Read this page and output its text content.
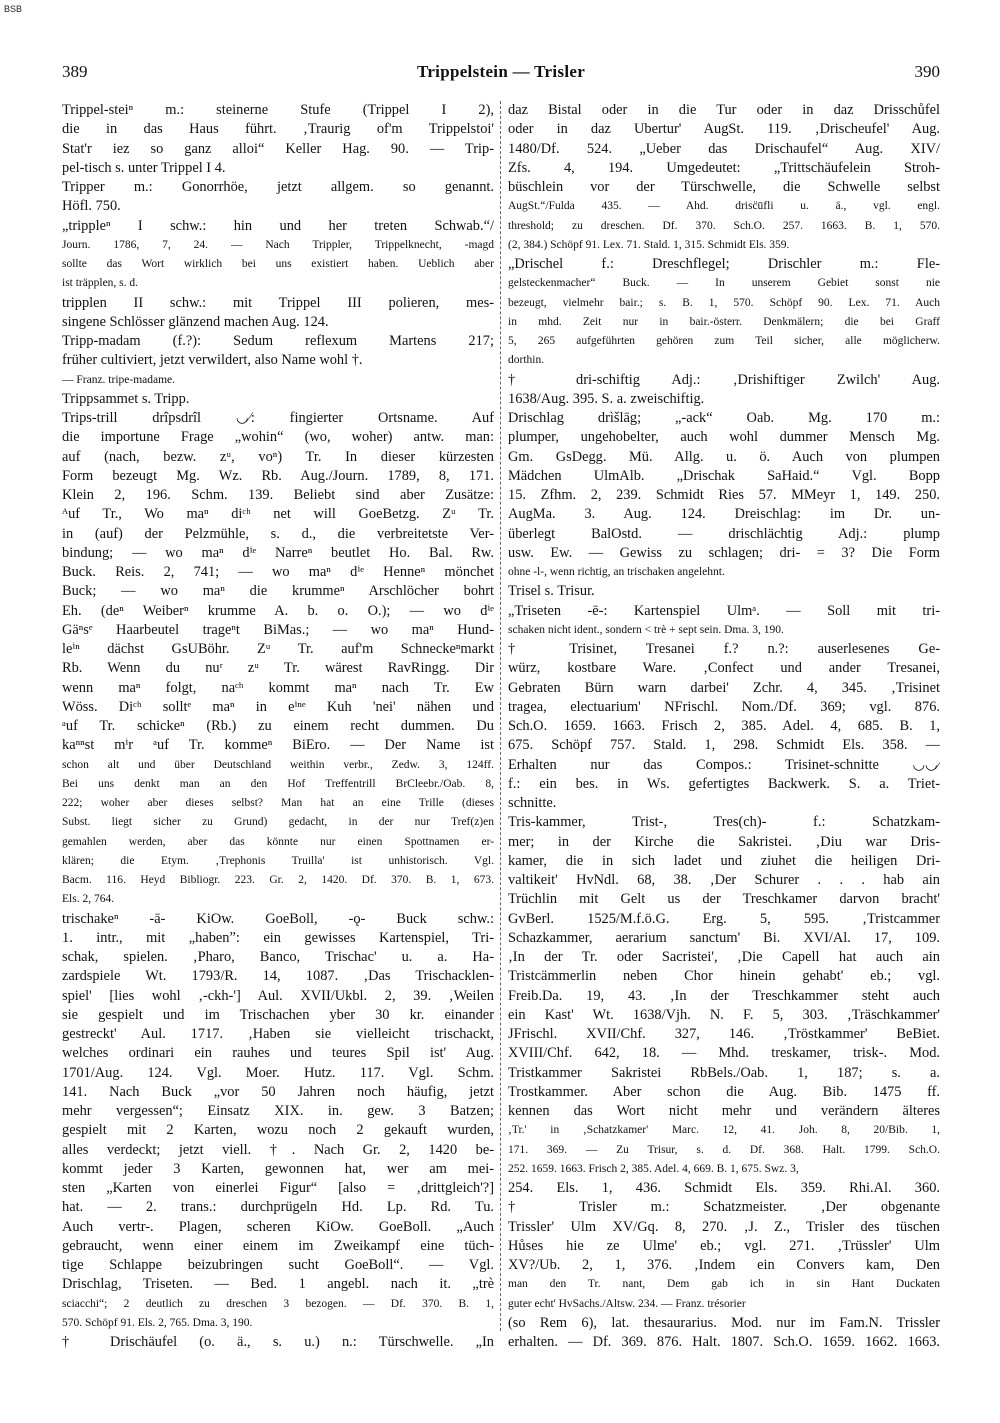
BSB
389	Trippelstein — Trisler	390
Trippel-steiⁿ m.: steinerne Stufe (Trippel I 2),
die in das Haus führt. ‚Traurig of'm Trippelstoi'
Stat'r iez so ganz alloi“ Keller Hag. 90. — Trip-
pel-tisch s. unter Trippel I 4.
Tripper m.: Gonorrhöe, jetzt allgem. so genannt.
Höfl. 750.
„trippleⁿ I schw.: hin und her treten Schwab.“/
Journ. 1786, 7, 24. — Nach Trippler, Trippelknecht, -magd
sollte das Wort wirklich bei uns existiert haben. Ueblich aber
ist träpplen, s. d.
tripplen II schw.: mit Trippel III polieren, mes-
singene Schlösser glänzend machen Aug. 124.
Tripp-madam (f.?): Sedum reflexum Martens 217;
früher cultiviert, jetzt verwildert, also Name wohl †.
— Franz. tripe-madame.
Trippsammet s. Tripp.
Trips-trill drîpsdrîl ◡⁄: fingierter Ortsname. Auf
die importune Frage „wohin“ (wo, woher) antw. man:
auf (nach, bezw. zᵘ, voⁿ) Tr. In dieser kürzesten
Form bezeugt Mg. Wz. Rb. Aug./Journ. 1789, 8, 171.
Klein 2, 196. Schm. 139. Beliebt sind aber Zusätze:
ᴬuf Tr., Wo maⁿ diᶜʰ net will GoeBetzg. Zᵘ Tr.
in (auf) der Pelzmühle, s. d., die verbreitetste Ver-
bindung; — wo maⁿ dⁱᵉ Narreⁿ beutlet Ho. Bal. Rw.
Buck. Reis. 2, 741; — wo maⁿ dⁱᵉ Henneⁿ mönchet
Buck; — wo maⁿ die krummeⁿ Arschlöcher bohrt
Eh. (deⁿ Weiberⁿ krumme A. b. o. O.); — wo dⁱᵉ
Gäⁿsᵉ Haarbeutel trageⁿt BiMas.; — wo maⁿ Hund-
leⁱⁿ dächst GsUBöhr. Zᵘ Tr. auf'm Schneckeⁿmarkt
Rb. Wenn du nuʳ zᵘ Tr. wärest RavRingg. Dir
wenn maⁿ folgt, naᶜʰ kommt maⁿ nach Tr. Ew
Wöss. Diᶜʰ solltᵉ maⁿ in eⁱⁿᵉ Kuh 'nei' nähen und
ᵃuf Tr. schickeⁿ (Rb.) zu einem recht dummen. Du
kaⁿⁿst mⁱr ᵃuf Tr. kommeⁿ BiEro. — Der Name ist
schon alt und über Deutschland weithin verbr., Zedw. 3, 124ff.
Bei uns denkt man an den Hof Treffentrill BrCleebr./Oab. 8,
222; woher aber dieses selbst? Man hat an eine Trille (dieses
Subst. liegt sicher zu Grund) gedacht, in der nur Tref(z)en
gemahlen werden, aber das könnte nur einen Spottnamen er-
klären; die Etym. ‚Trephonis Truilla' ist unhistorisch. Vgl.
Bacm. 116. Heyd Bibliogr. 223. Gr. 2, 1420. Df. 370. B. 1, 673.
Els. 2, 764.
trischakeⁿ -ā- KiOw. GoeBoll, -ǫ- Buck schw.:
1. intr., mit „habenˮ: ein gewisses Kartenspiel, Tri-
schak, spielen. ‚Pharo, Banco, Trischac' u. a. Ha-
zardspiele Wt. 1793/R. 14, 1087. ‚Das Trischacklen-
spiel' [lies wohl ‚-ckh-'] Aul. XVII/Ukbl. 2, 39. ‚Weilen
sie gespielt und im Trischachen yber 30 kr. einander
gestreckt' Aul. 1717. ‚Haben sie vielleicht trischackt,
welches ordinari ein rauhes und teures Spil ist' Aug.
1701/Aug. 124. Vgl. Moer. Hutz. 117. Vgl. Schm.
141. Nach Buck „vor 50 Jahren noch häufig, jetzt
mehr vergessen“; Einsatz XIX. in. gew. 3 Batzen;
gespielt mit 2 Karten, wozu noch 2 gekauft wurden,
alles verdeckt; jetzt viell. †. Nach Gr. 2, 1420 be-
kommt jeder 3 Karten, gewonnen hat, wer am mei-
sten „Karten von einerlei Figur“ [also = ‚drittgleich'?]
hat. — 2. trans.: durchprügeln Hd. Lp. Rd. Tu.
Auch vertr-. Plagen, scheren KiOw. GoeBoll. „Auch
gebraucht, wenn einer einem im Zweikampf eine tüch-
tige Schlappe beizubringen sucht GoeBoll“. — Vgl.
Drischlag, Triseten. — Bed. 1 angebl. nach it. „trè
sciacchi“; 2 deutlich zu dreschen 3 bezogen. — Df. 370. B. 1,
570. Schöpf 91. Els. 2, 765. Dma. 3, 190.
† Drischäufel (o. ä., s. u.) n.: Türschwelle. „In
daz Bistal oder in die Tur oder in daz Drisschůfel
oder in daz Ubertur' AugSt. 119. ‚Drischeufel' Aug.
1480/Df. 524. „Ueber das Drischaufel“ Aug. XIV/
Zfs. 4, 194. Umgedeutet: „Trittschäufelein Stroh-
büschlein vor der Türschwelle, die Schwelle selbst
AugSt.“/Fulda 435. — Ahd. drisc̈ūfli u. ä., vgl. engl.
threshold; zu dreschen. Df. 370. Sch.O. 257. 1663. B. 1, 570.
(2, 384.) Schöpf 91. Lex. 71. Stald. 1, 315. Schmidt Els. 359.
„Drischel f.: Dreschflegel; Drischler m.: Fle-
gelsteckenmacher“ Buck. — In unserem Gebiet sonst nie
bezeugt, vielmehr bair.; s. B. 1, 570. Schöpf 90. Lex. 71. Auch
in mhd. Zeit nur in bair.-österr. Denkmälern; die bei Graff
5, 265 aufgeführten gehören zum Teil sicher, alle möglicherw.
dorthin.
† dri-schiftig Adj.: ‚Drishiftiger Zwilch' Aug.
1638/Aug. 395. S. a. zweischiftig.
Drischlag drìšlāg; „-ack“ Oab. Mg. 170 m.:
plumper, ungehobelter, auch wohl dummer Mensch Mg.
Gm. GsDegg. Mü. Allg. u. ö. Auch von plumpen
Mädchen UlmAlb. „Drischak SaHaid.“ Vgl. Bopp
15. Zfhm. 2, 239. Schmidt Ries 57. MMeyr 1, 149. 250.
AugMa. 3. Aug. 124. Dreischlag: im Dr. un-
überlegt BalOstd. — drischlächtig Adj.: plump
usw. Ew. — Gewiss zu schlagen; dri- = 3? Die Form
ohne -l-, wenn richtig, an trischaken angelehnt.
Trisel s. Trisur.
„Triseten -ē-: Kartenspiel Ulmᵃ. — Soll mit tri-
schaken nicht ident., sondern < trè + sept sein. Dma. 3, 190.
† Trisinet, Tresanei f.? n.?: auserlesenes Ge-
würz, kostbare Ware. ‚Confect und ander Tresanei,
Gebraten Bürn warn darbei' Zchr. 4, 345. ‚Trisinet
tragea, electuarium' NFrischl. Nom./Df. 369; vgl. 876.
Sch.O. 1659. 1663. Frisch 2, 385. Adel. 4, 685. B. 1,
675. Schöpf 757. Stald. 1, 298. Schmidt Els. 358. —
Erhalten nur das Compos.: Trisinet-schnitte ◡◡⁄
f.: ein bes. in Ws. gefertigtes Backwerk. S. a. Triet-
schnitte.
Tris-kammer, Trist-, Tres(ch)- f.: Schatzkam-
mer; in der Kirche die Sakristei. ‚Diu war Dris-
kamer, die in sich ladet und ziuhet die heiligen Dri-
valtikeit' HvNdl. 68, 38. ‚Der Schurer . . . hab ain
Trüchlin mit Gelt us der Treschkamer darvon bracht'
GvBerl. 1525/M.f.ö.G. Erg. 5, 595. ‚Tristcammer
Schazkammer, aerarium sanctum' Bi. XVI/Al. 17, 109.
‚In der Tr. oder Sacristei', ‚Die Capell hat auch ain
Tristcämmerlin neben Chor hinein gehabt' eb.; vgl.
Freib.Da. 19, 43. ‚In der Treschkammer steht auch
ein Kast' Wt. 1638/Vjh. N. F. 5, 303. ‚Träschkammer'
JFrischl. XVII/Chf. 327, 146. ‚Tröstkammer' BeBiet.
XVIII/Chf. 642, 18. — Mhd. treskamer, trisk-. Mod.
Tristkammer Sakristei RbBels./Oab. 1, 187; s. a.
Trostkammer. Aber schon die Aug. Bib. 1475 ff.
kennen das Wort nicht mehr und verändern älteres
‚Tr.' in ‚Schatzkamer' Marc. 12, 41. Joh. 8, 20/Bib. 1,
171. 369. — Zu Trisur, s. d. Df. 368. Halt. 1799. Sch.O.
252. 1659. 1663. Frisch 2, 385. Adel. 4, 669. B. 1, 675. Swz. 3,
254. Els. 1, 436. Schmidt Els. 359. Rhi.Al. 360.
† Trisler m.: Schatzmeister. ‚Der obgenante
Trissler' Ulm XV/Gq. 8, 270. ‚J. Z., Trisler des tüschen
Hůses hie ze Ulme' eb.; vgl. 271. ‚Trüssler' Ulm
XV?/Ub. 2, 1, 376. ‚Indem ein Convers kam, Den
man den Tr. nant, Dem gab ich in sin Hant Duckaten
guter echt' HvSachs./Altsw. 234. — Franz. trésorier
(so Rem 6), lat. thesaurarius. Mod. nur im Fam.N. Trissler
erhalten. — Df. 369. 876. Halt. 1807. Sch.O. 1659. 1662. 1663.
